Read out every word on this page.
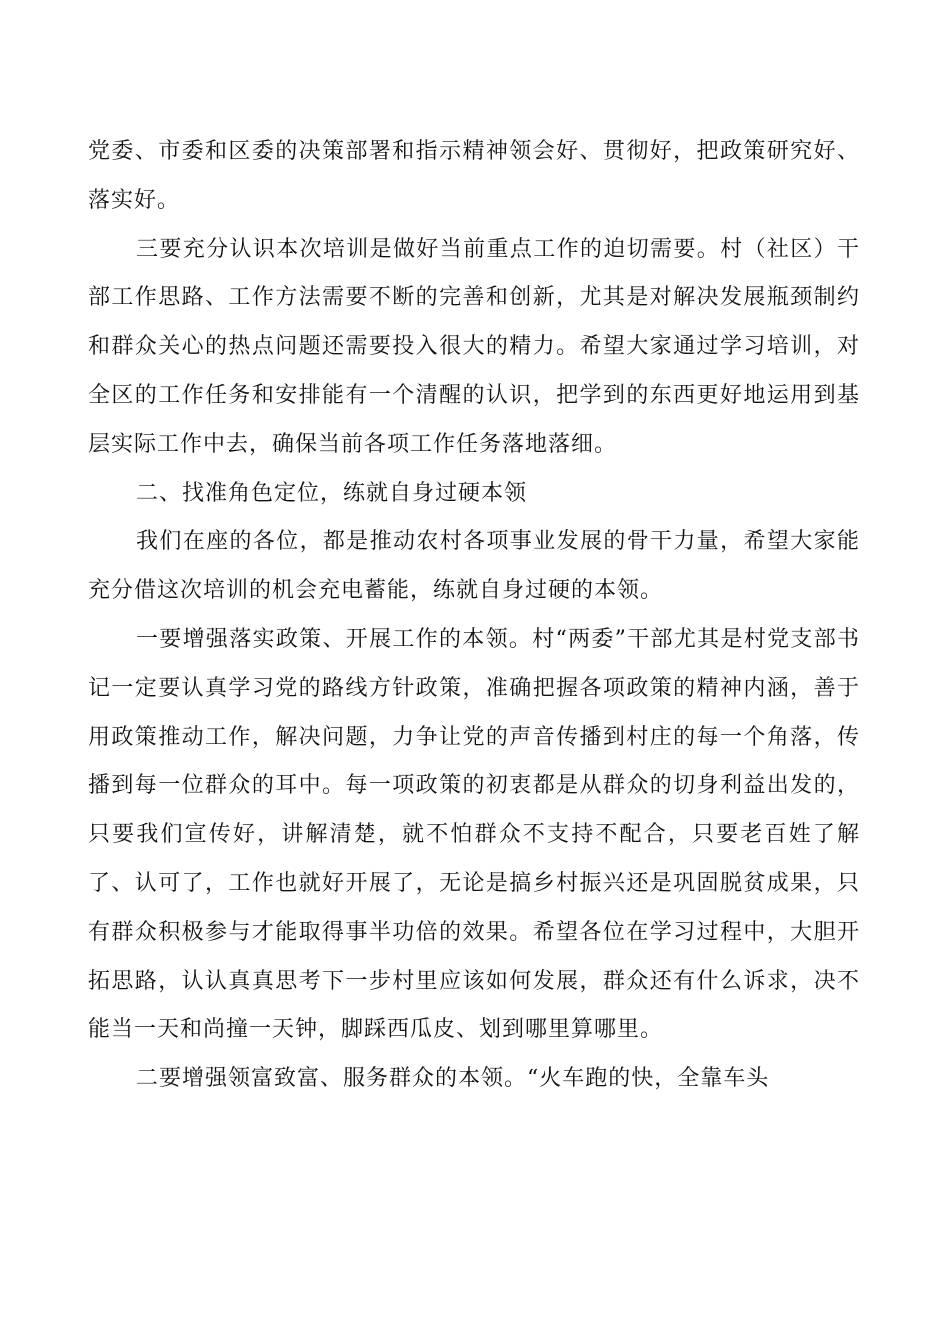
党委、市委和区委的决策部署和指示精神领会好、贯彻好，把政策研究好、落实好。

三要充分认识本次培训是做好当前重点工作的迫切需要。村（社区）干部工作思路、工作方法需要不断的完善和创新，尤其是对解决发展瓶颈制约和群众关心的热点问题还需要投入很大的精力。希望大家通过学习培训，对全区的工作任务和安排能有一个清醒的认识，把学到的东西更好地运用到基层实际工作中去，确保当前各项工作任务落地落细。

二、找准角色定位，练就自身过硬本领

我们在座的各位，都是推动农村各项事业发展的骨干力量，希望大家能充分借这次培训的机会充电蓄能，练就自身过硬的本领。

一要增强落实政策、开展工作的本领。村“两委”干部尤其是村党支部书记一定要认真学习党的路线方针政策，准确把握各项政策的精神内涵，善于用政策推动工作，解决问题，力争让党的声音传播到村庄的每一个角落，传播到每一位群众的耳中。每一项政策的初衷都是从群众的切身利益出发的，只要我们宣传好，讲解清楚，就不怕群众不支持不配合，只要老百姓了解了、认可了，工作也就好开展了，无论是搞乡村振兴还是巩固脱贫成果，只有群众积极参与才能取得事半功倍的效果。希望各位在学习过程中，大胆开拓思路，认认真真思考下一步村里应该如何发展，群众还有什么诉求，决不能当一天和尚撞一天钟，脚踩西瓜皮、划到哪里算哪里。

二要增强领富致富、服务群众的本领。“火车跑的快，全靠车头
